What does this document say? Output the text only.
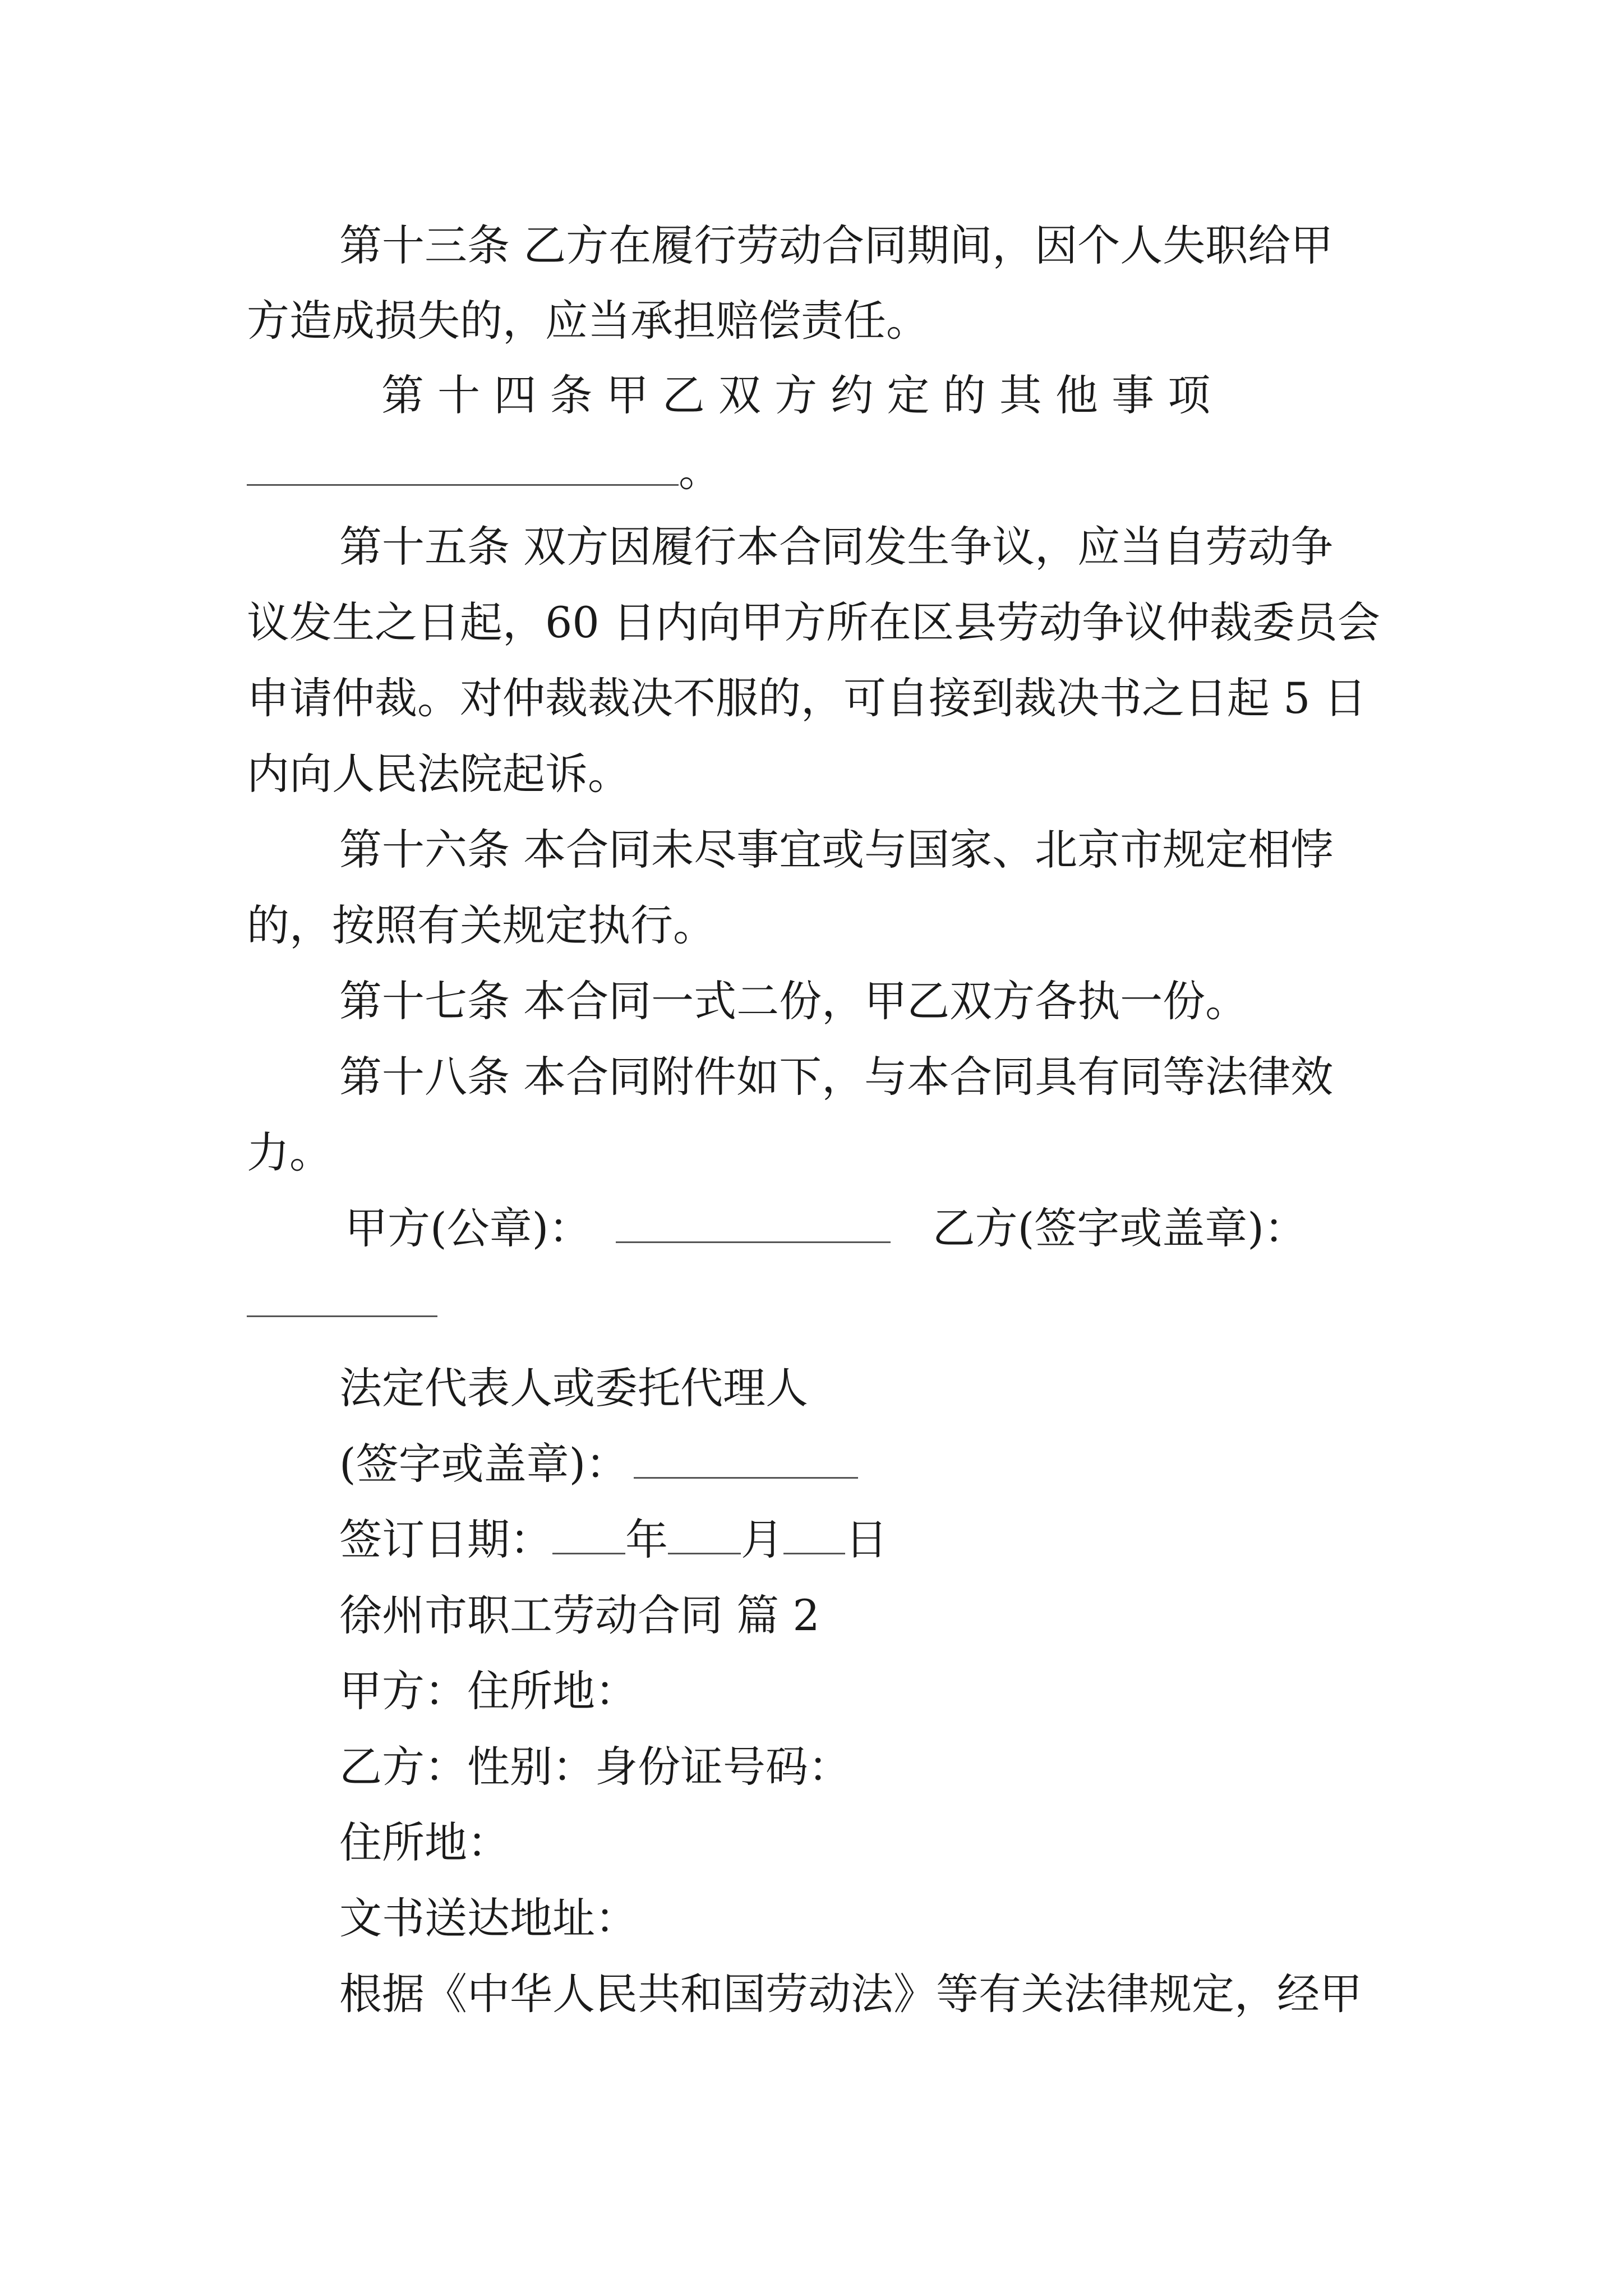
第十三条 乙方在履行劳动合同期间，因个人失职给甲
方造成损失的，应当承担赔偿责任。
第 十 四 条 甲 乙 双 方 约 定 的 其 他 事 项
。
第十五条 双方因履行本合同发生争议，应当自劳动争
议发生之日起，60 日内向甲方所在区县劳动争议仲裁委员会
申请仲裁。对仲裁裁决不服的，可自接到裁决书之日起 5 日
内向人民法院起诉。
第十六条 本合同未尽事宜或与国家、北京市规定相悖
的，按照有关规定执行。
第十七条 本合同一式二份，甲乙双方各执一份。
第十八条 本合同附件如下，与本合同具有同等法律效
力。
甲方(公章)：	乙方(签字或盖章)：
法定代表人或委托代理人
(签字或盖章)：
签订日期： 年 月 日
徐州市职工劳动合同 篇 2
甲方：住所地：
乙方：性别：身份证号码：
住所地：
文书送达地址：
根据《中华人民共和国劳动法》等有关法律规定，经甲
